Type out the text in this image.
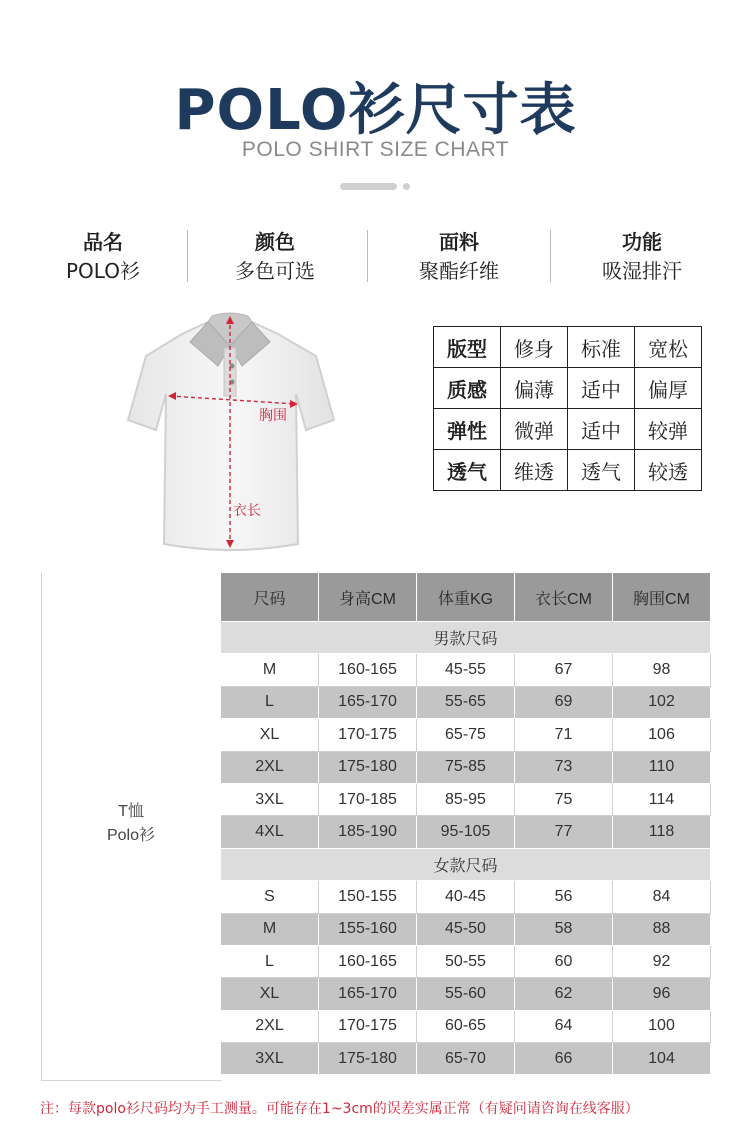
POLO衫尺寸表
POLO SHIRT SIZE CHART
品名
POLO衫
颜色
多色可选
面料
聚酯纤维
功能
吸湿排汗
胸围
衣长
版型	修身	标准	宽松
质感	偏薄	适中	偏厚
弹性	微弹	适中	较弹
透气	维透	透气	较透
T恤
Polo衫
尺码	身高CM	体重KG	衣长CM	胸围CM
男款尺码				
M	160-165	45-55	67	98
L	165-170	55-65	69	102
XL	170-175	65-75	71	106
2XL	175-180	75-85	73	110
3XL	170-185	85-95	75	114
4XL	185-190	95-105	77	118
女款尺码				
S	150-155	40-45	56	84
M	155-160	45-50	58	88
L	160-165	50-55	60	92
XL	165-170	55-60	62	96
2XL	170-175	60-65	64	100
3XL	175-180	65-70	66	104
注：每款polo衫尺码均为手工测量。可能存在1~3cm的误差实属正常（有疑问请咨询在线客服）
